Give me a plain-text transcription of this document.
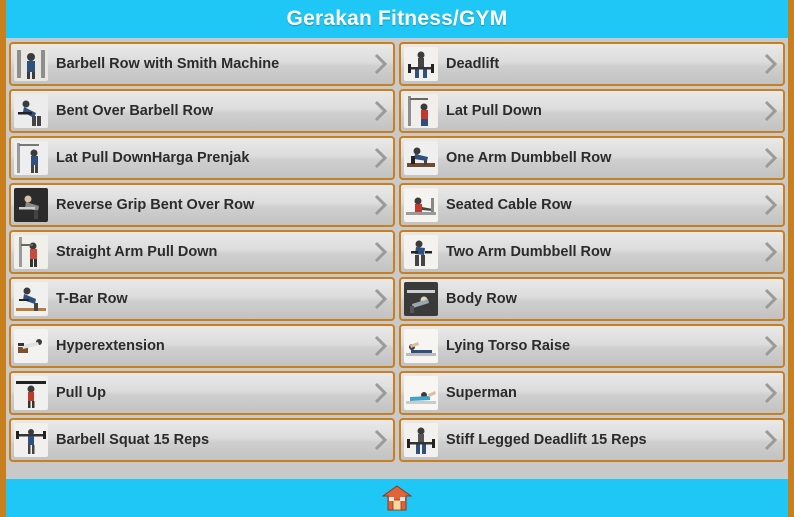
Gerakan Fitness/GYM
Barbell Row with Smith Machine	Deadlift
Bent Over Barbell Row	Lat Pull Down
Lat Pull DownHarga Prenjak	One Arm Dumbbell Row
Reverse Grip Bent Over Row	Seated Cable Row
Straight Arm Pull Down	Two Arm Dumbbell Row
T-Bar Row	Body Row
Hyperextension	Lying Torso Raise
Pull Up	Superman
Barbell Squat 15 Reps	Stiff Legged Deadlift 15 Reps
